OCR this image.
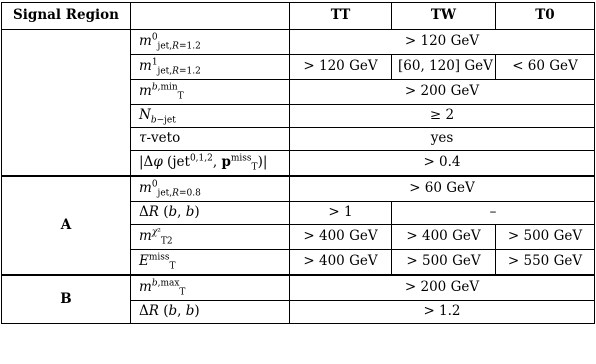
Signal Region		TT	TW	T0
	$m^0_{jet,R=1.2}$	> 120 GeV		
	$m^1_{jet,R=1.2}$	> 120 GeV	[60, 120] GeV	< 60 GeV
	$m^{b,min}_T$	> 200 GeV		
	$N_{b-jet}$	≥ 2		
	τ-veto	yes		
	|Δφ (jet$^{0,1,2}$, $p^{miss}_T)|$	> 0.4		
A	$m^0_{jet,R=0.8}$	> 60 GeV		
	ΔR (b, b)	> 1	–	
	$m^{\chi^2}_{T2}$	> 400 GeV	> 400 GeV	> 500 GeV
	$E^{miss}_T$	> 400 GeV	> 500 GeV	> 550 GeV
B	$m^{b,max}_T$	> 200 GeV		
	ΔR (b, b)	> 1.2		
